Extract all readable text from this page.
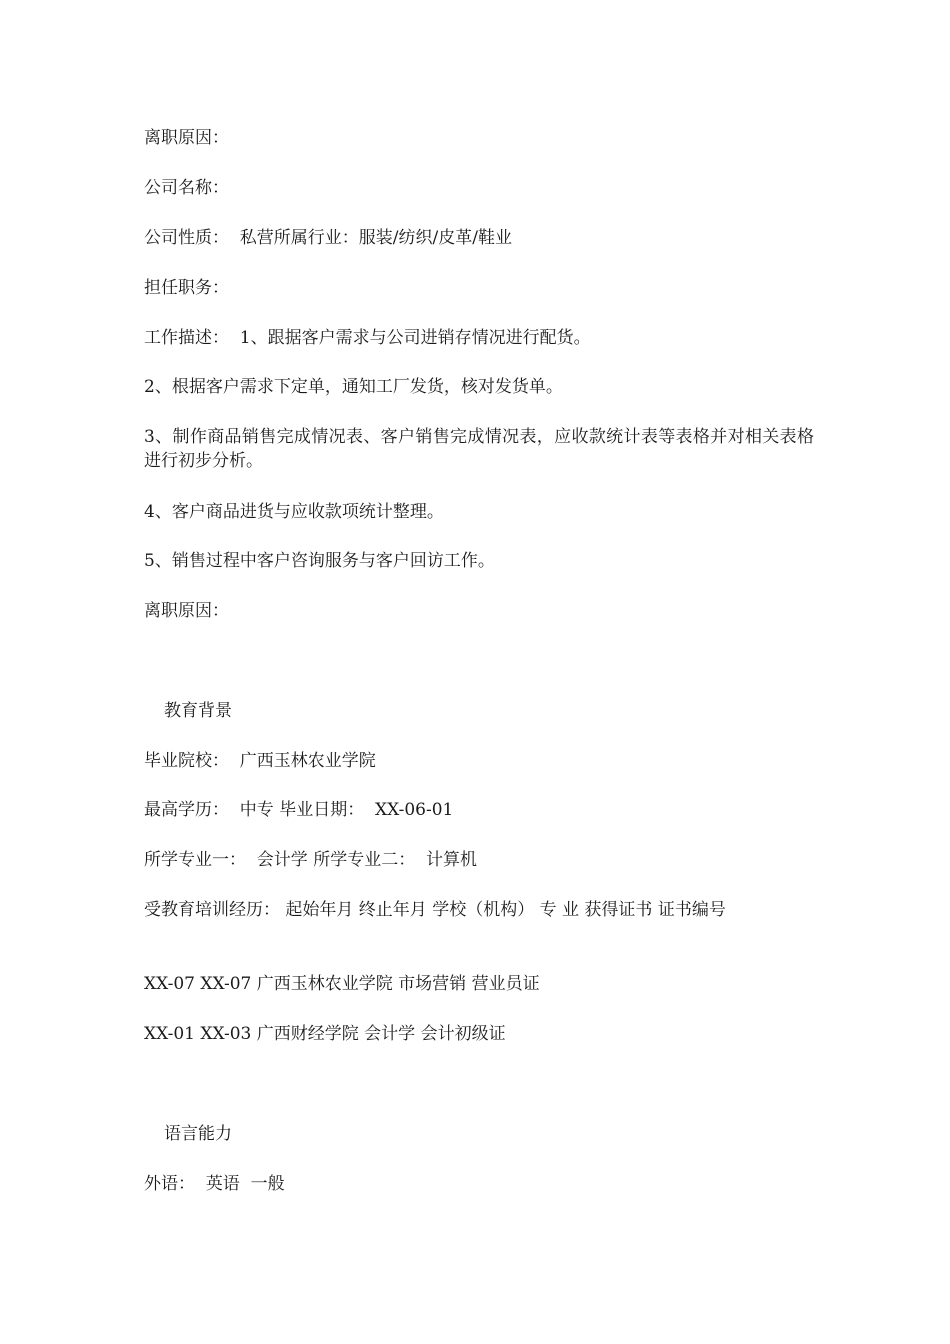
离职原因：
公司名称：
公司性质：  私营所属行业：服装/纺织/皮革/鞋业
担任职务：
工作描述：  1、跟据客户需求与公司进销存情况进行配货。
2、根据客户需求下定单，通知工厂发货，核对发货单。
3、制作商品销售完成情况表、客户销售完成情况表，应收款统计表等表格并对相关表格进行初步分析。
4、客户商品进货与应收款项统计整理。
5、销售过程中客户咨询服务与客户回访工作。
离职原因：
教育背景
毕业院校：  广西玉林农业学院
最高学历：  中专 毕业日期：  XX-06-01
所学专业一：  会计学 所学专业二：  计算机
受教育培训经历： 起始年月 终止年月 学校（机构） 专 业 获得证书 证书编号
XX-07 XX-07 广西玉林农业学院 市场营销 营业员证
XX-01 XX-03 广西财经学院 会计学 会计初级证
语言能力
外语：  英语  一般
